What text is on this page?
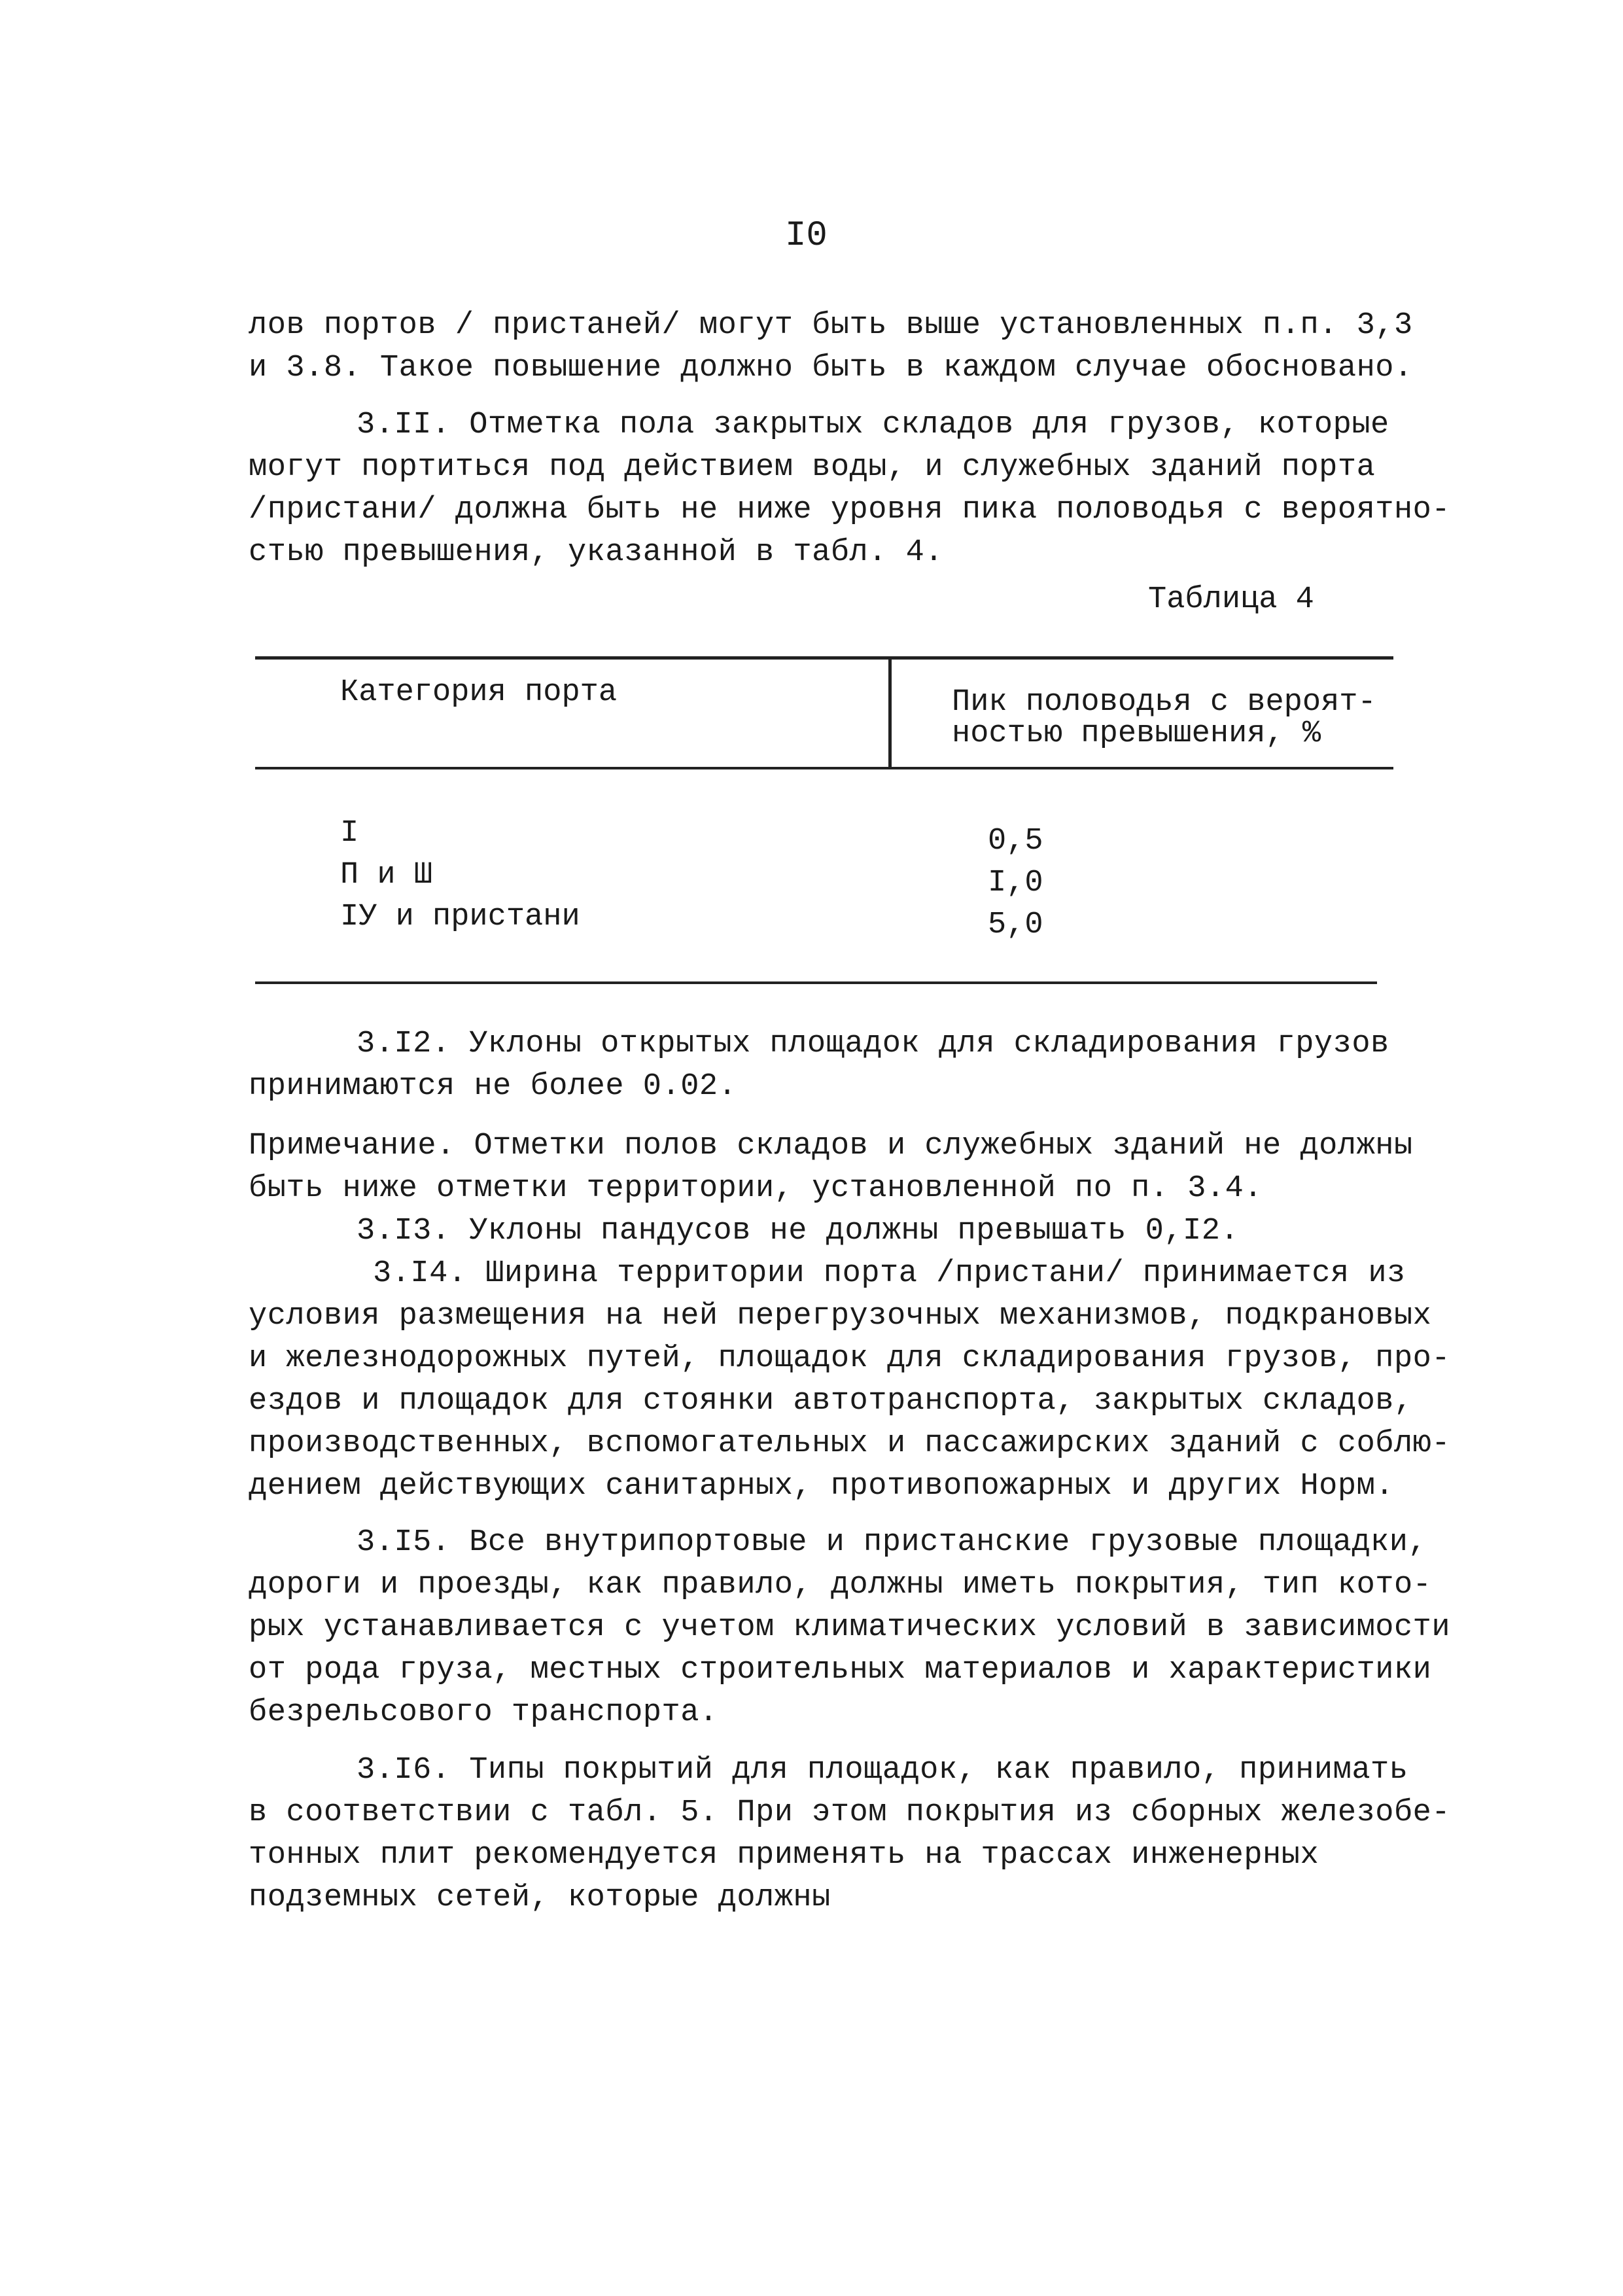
I0
лов портов / пристаней/ могут быть выше установленных п.п. 3,3
и 3.8. Такое повышение должно быть в каждом случае обосновано.
3.II. Отметка пола закрытых складов для грузов, которые
могут портиться под действием воды, и служебных зданий порта
/пристани/ должна быть не ниже уровня пика половодья с вероятно-
стью превышения, указанной в табл. 4.
Таблица 4
Категория порта	Пик половодья с вероят-
ностью превышения, %
I	0,5
П и Ш	I,0
IУ и пристани	5,0
3.I2. Уклоны открытых площадок для складирования грузов
принимаются не более 0.02.
Примечание. Отметки полов складов и служебных зданий не должны
быть ниже отметки территории, установленной по п. 3.4.
3.I3. Уклоны пандусов не должны превышать 0,I2.
3.I4. Ширина территории порта /пристани/ принимается из
условия размещения на ней перегрузочных механизмов, подкрановых
и железнодорожных путей, площадок для складирования грузов, про-
ездов и площадок для стоянки автотранспорта, закрытых складов,
производственных, вспомогательных и пассажирских зданий с соблю-
дением действующих санитарных, противопожарных и других Норм.
3.I5. Все внутрипортовые и пристанские грузовые площадки,
дороги и проезды, как правило, должны иметь покрытия, тип кото-
рых устанавливается с учетом климатических условий в зависимости
от рода груза, местных строительных материалов и характеристики
безрельсового транспорта.
3.I6. Типы покрытий для площадок, как правило, принимать
в соответствии с табл. 5. При этом покрытия из сборных железобе-
тонных плит рекомендуется применять на трассах инженерных
подземных сетей, которые должны
